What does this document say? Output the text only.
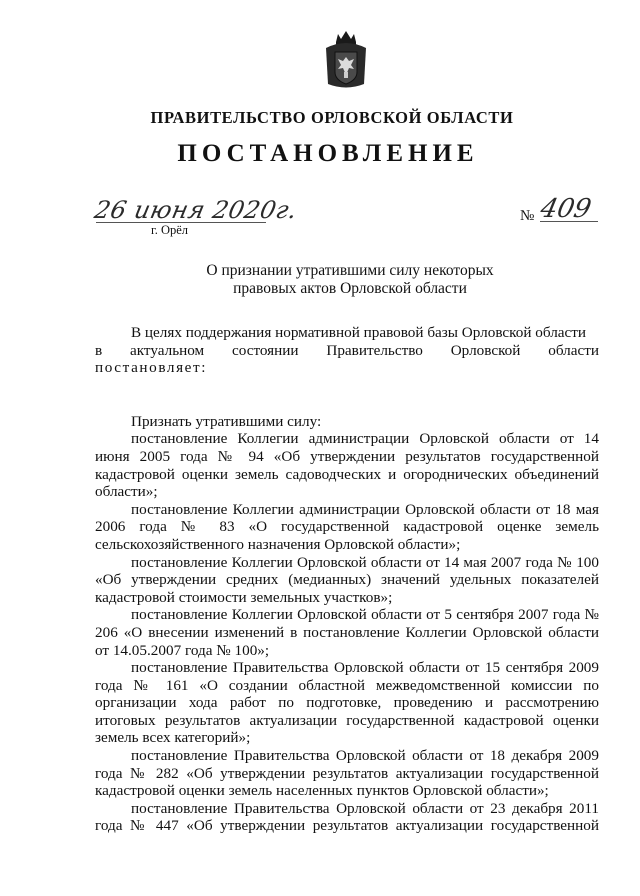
ПРАВИТЕЛЬСТВО ОРЛОВСКОЙ ОБЛАСТИ
ПОСТАНОВЛЕНИЕ
26 июня 2020г.
г. Орёл
№ 409
О признании утратившими силу некоторых
правовых актов Орловской области

В целях поддержания нормативной правовой базы Орловской области

в актуальном состоянии Правительство Орловской области

постановляет:

Признать утратившими силу:

постановление Коллегии администрации Орловской области от 14 июня 2005 года № 94 «Об утверждении результатов государственной кадастровой оценки земель садоводческих и огороднических объединений области»;

постановление Коллегии администрации Орловской области от 18 мая 2006 года № 83 «О государственной кадастровой оценке земель сельскохозяйственного назначения Орловской области»;

постановление Коллегии Орловской области от 14 мая 2007 года № 100 «Об утверждении средних (медианных) значений удельных показателей кадастровой стоимости земельных участков»;

постановление Коллегии Орловской области от 5 сентября 2007 года № 206 «О внесении изменений в постановление Коллегии Орловской области от 14.05.2007 года № 100»;

постановление Правительства Орловской области от 15 сентября 2009 года № 161 «О создании областной межведомственной комиссии по организации хода работ по подготовке, проведению и рассмотрению итоговых результатов актуализации государственной кадастровой оценки земель всех категорий»;

постановление Правительства Орловской области от 18 декабря 2009 года № 282 «Об утверждении результатов актуализации государственной кадастровой оценки земель населенных пунктов Орловской области»;

постановление Правительства Орловской области от 23 декабря 2011 года № 447 «Об утверждении результатов актуализации государственной
